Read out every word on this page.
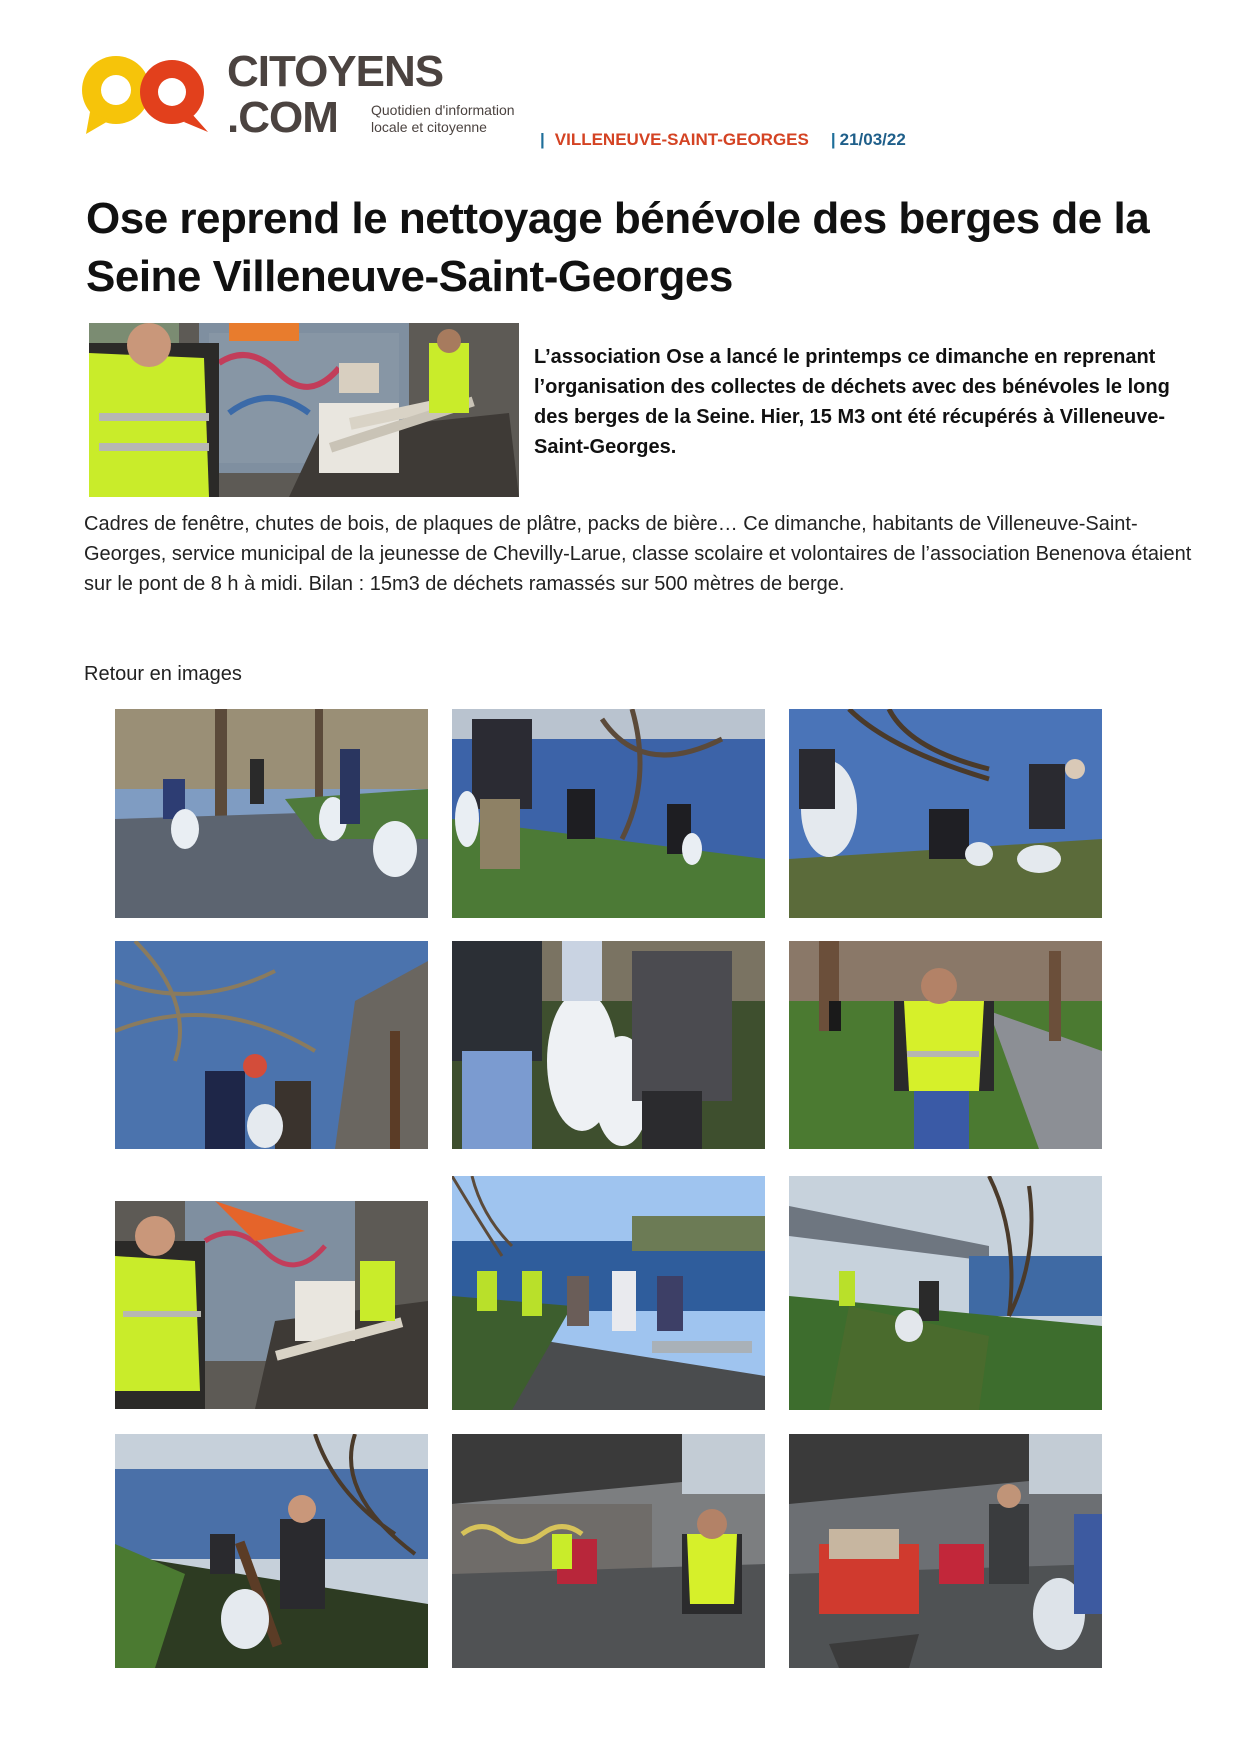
CITOYENS
.COM Quotidien d'information
locale et citoyenne
| VILLENEUVE-SAINT-GEORGES | 21/03/22
Ose reprend le nettoyage bénévole des berges de la Seine Villeneuve-Saint-Georges

L’association Ose a lancé le printemps ce dimanche en reprenant l’organisation des collectes de déchets avec des bénévoles le long des berges de la Seine. Hier, 15 M3 ont été récupérés à Villeneuve-Saint-Georges.

Cadres de fenêtre, chutes de bois, de plaques de plâtre, packs de bière… Ce dimanche, habitants de Villeneuve-Saint-Georges, service municipal de la jeunesse de Chevilly-Larue, classe scolaire et volontaires de l’association Benenova étaient sur le pont de 8 h à midi. Bilan : 15m3 de déchets ramassés sur 500 mètres de berge.

Retour en images
